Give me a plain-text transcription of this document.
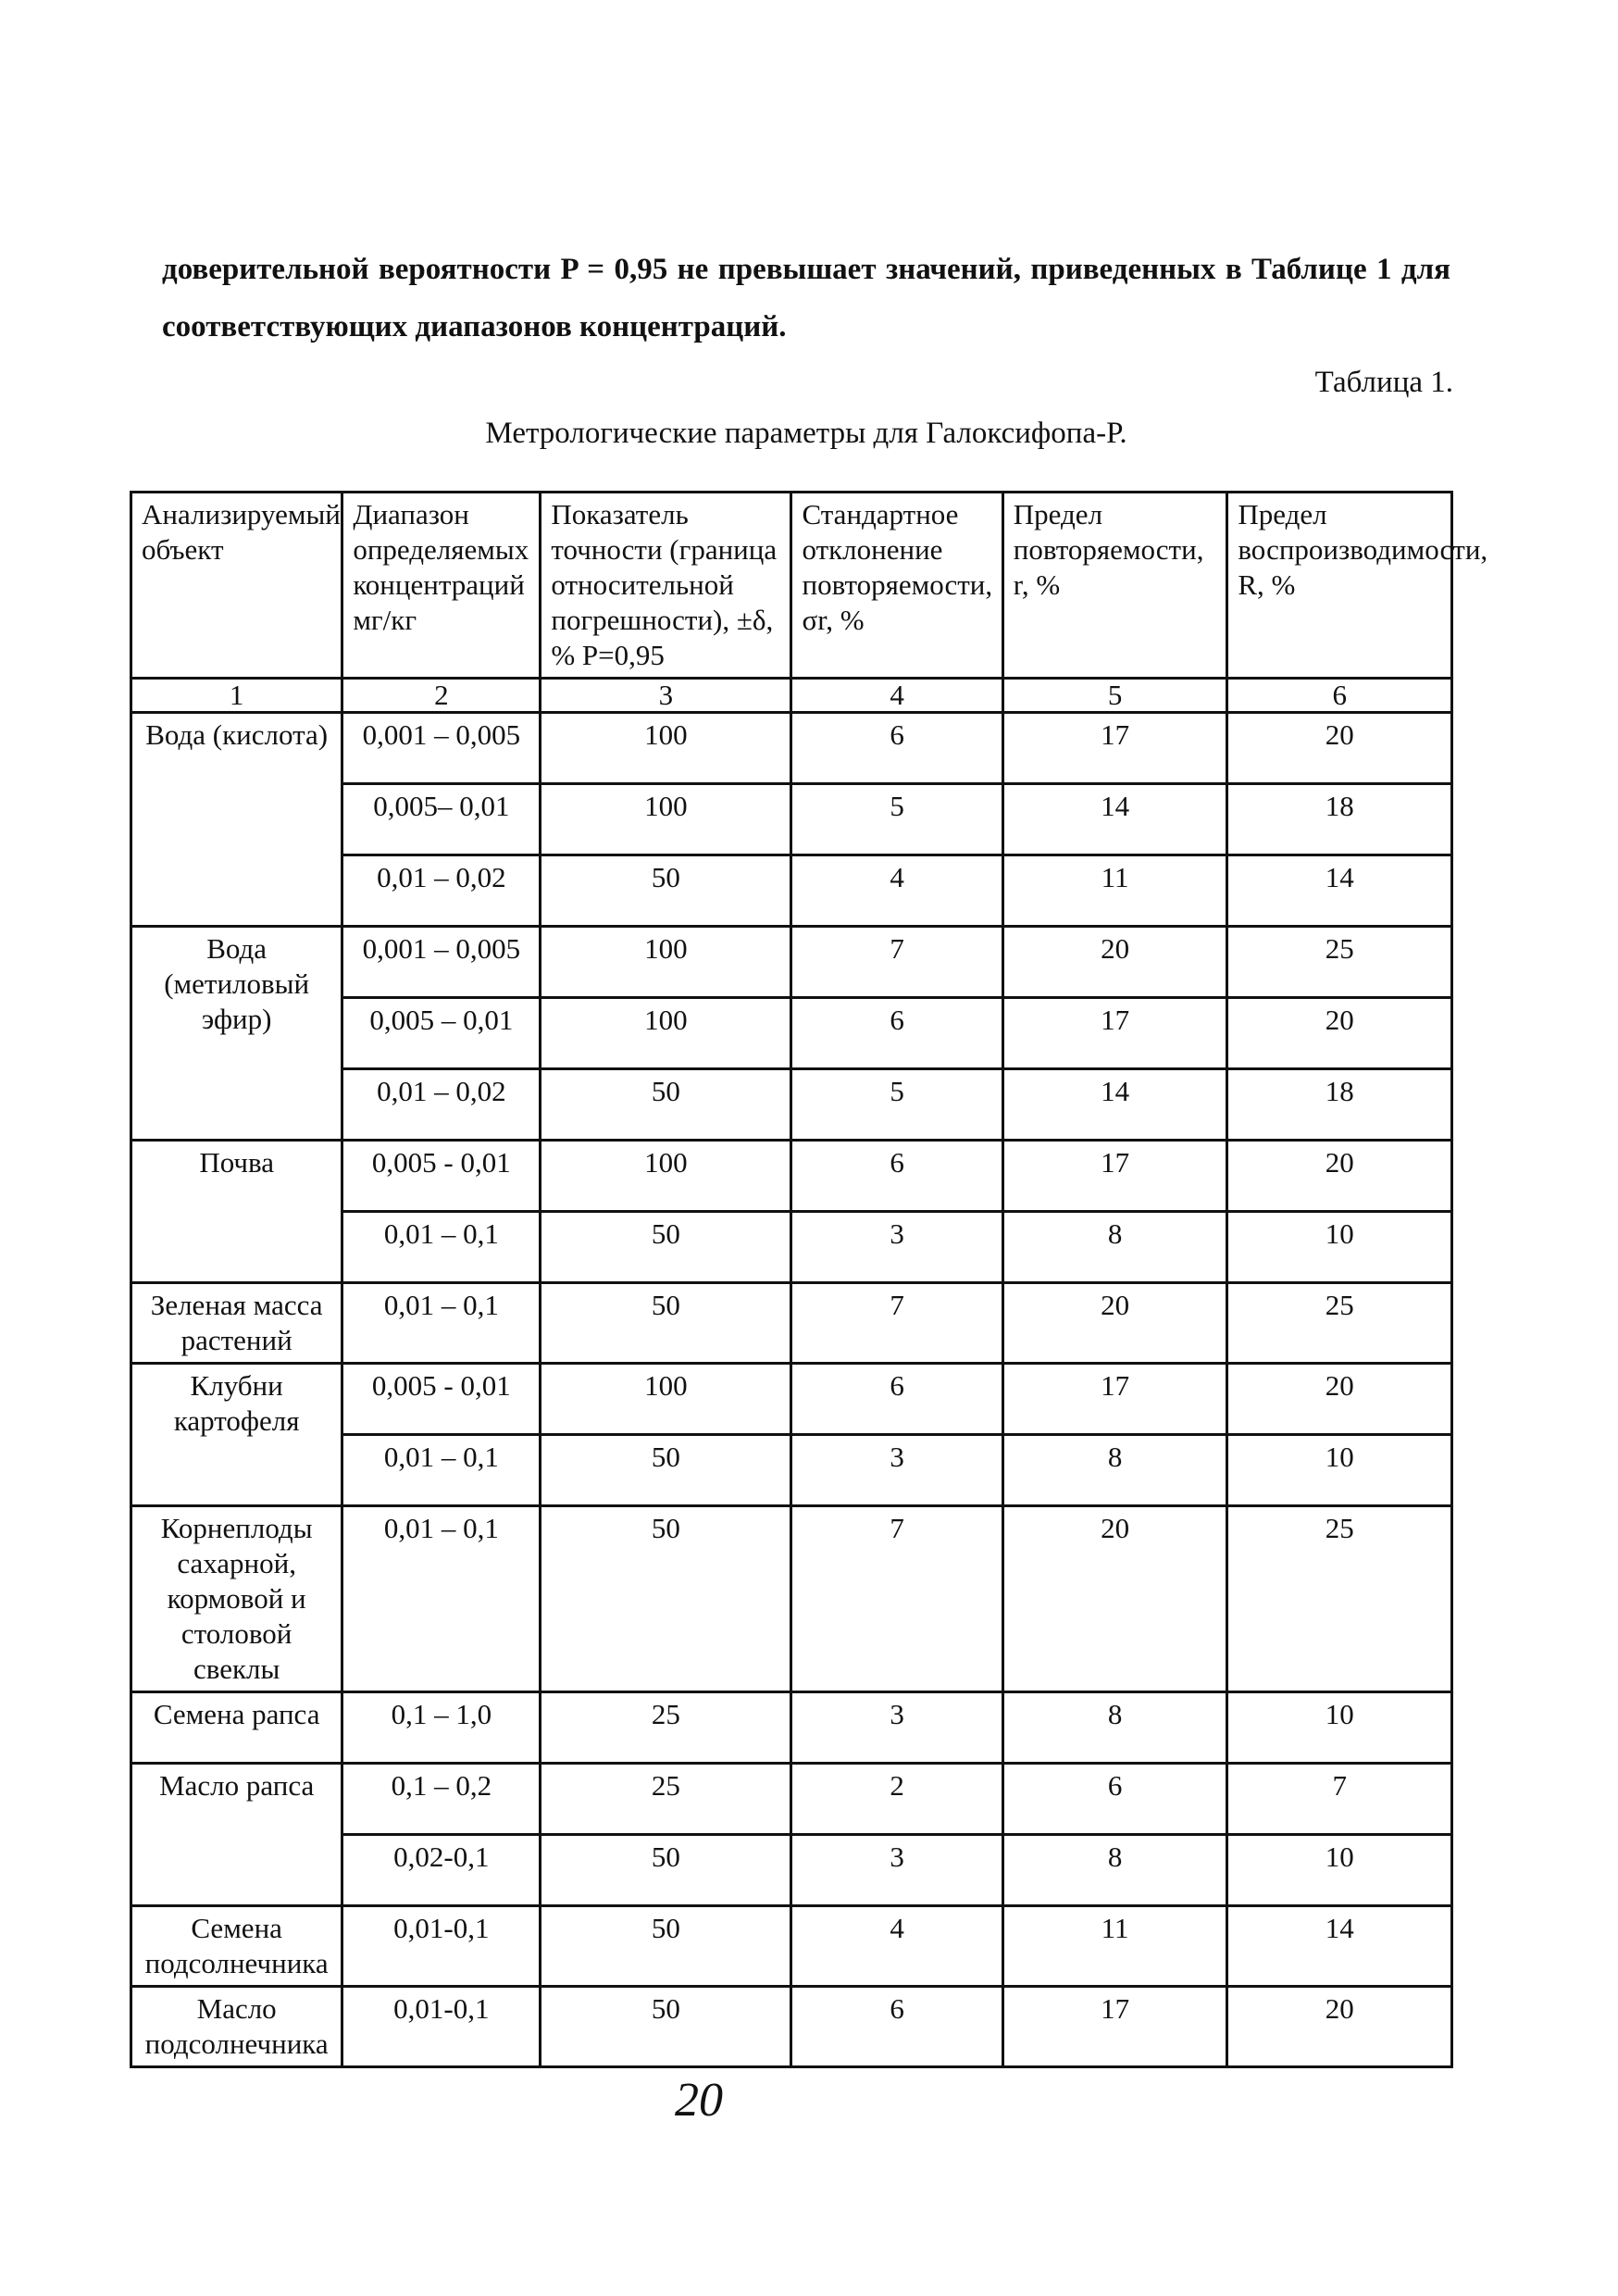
доверительной вероятности P = 0,95 не превышает значений, приведенных в Таблице 1 для соответствующих диапазонов концентраций.

Таблица 1.

Метрологические параметры для Галоксифопа-Р.

Анализируемый объект	Диапазон определяемых концентраций мг/кг	Показатель точности (граница относительной погрешности), ±δ, % P=0,95	Стандартное отклонение повторяемости, σr, %	Предел повторяемости, r, %	Предел воспроизводимости, R, %
1	2	3	4	5	6
Вода (кислота)	0,001 – 0,005	100	6	17	20
	0,005– 0,01	100	5	14	18
	0,01 – 0,02	50	4	11	14
Вода (метиловый эфир)	0,001 – 0,005	100	7	20	25
	0,005 – 0,01	100	6	17	20
	0,01 – 0,02	50	5	14	18
Почва	0,005 - 0,01	100	6	17	20
	0,01 – 0,1	50	3	8	10
Зеленая масса растений	0,01 – 0,1	50	7	20	25
Клубни картофеля	0,005 - 0,01	100	6	17	20
	0,01 – 0,1	50	3	8	10
Корнеплоды сахарной, кормовой и столовой свеклы	0,01 – 0,1	50	7	20	25
Семена рапса	0,1 – 1,0	25	3	8	10
Масло рапса	0,1 – 0,2	25	2	6	7
	0,02-0,1	50	3	8	10
Семена подсолнечника	0,01-0,1	50	4	11	14
Масло подсолнечника	0,01-0,1	50	6	17	20
20
